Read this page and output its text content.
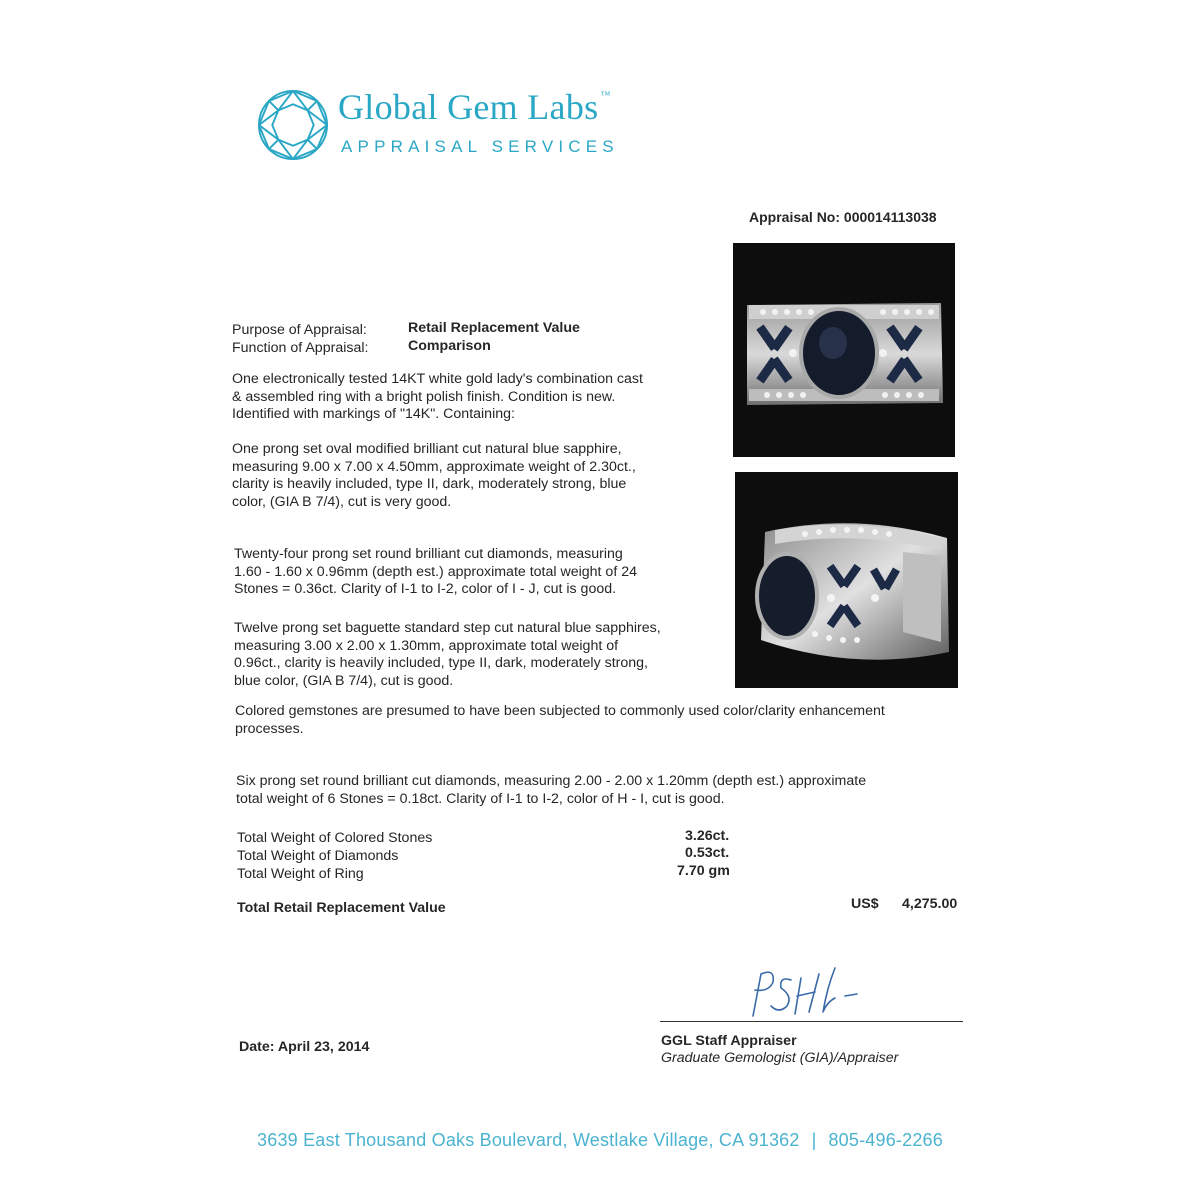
Global Gem Labs ™
APPRAISAL SERVICES
Appraisal No: 000014113038
Purpose of Appraisal:
Function of Appraisal:
Retail Replacement Value
Comparison
One electronically tested 14KT white gold lady's combination cast
& assembled ring with a bright polish finish. Condition is new.
Identified with markings of "14K". Containing:
One prong set oval modified brilliant cut natural blue sapphire,
measuring 9.00 x 7.00 x 4.50mm, approximate weight of 2.30ct.,
clarity is heavily included, type II, dark, moderately strong, blue
color, (GIA B 7/4), cut is very good.
Twenty-four prong set round brilliant cut diamonds, measuring
1.60 - 1.60 x 0.96mm (depth est.) approximate total weight of 24
Stones = 0.36ct. Clarity of I-1 to I-2, color of I - J, cut is good.
Twelve prong set baguette standard step cut natural blue sapphires,
measuring 3.00 x 2.00 x 1.30mm, approximate total weight of
0.96ct., clarity is heavily included, type II, dark, moderately strong,
blue color, (GIA B 7/4), cut is good.
Colored gemstones are presumed to have been subjected to commonly used color/clarity enhancement
processes.
Six prong set round brilliant cut diamonds, measuring 2.00 - 2.00 x 1.20mm (depth est.) approximate
total weight of 6 Stones = 0.18ct. Clarity of I-1 to I-2, color of H - I, cut is good.
Total Weight of Colored Stones
Total Weight of Diamonds
Total Weight of Ring
3.26ct.
0.53ct.
7.70 gm
Total Retail Replacement Value	US$ 4,275.00
Date: April 23, 2014	GGL Staff Appraiser
Graduate Gemologist (GIA)/Appraiser
3639 East Thousand Oaks Boulevard, Westlake Village, CA 91362 | 805-496-2266
